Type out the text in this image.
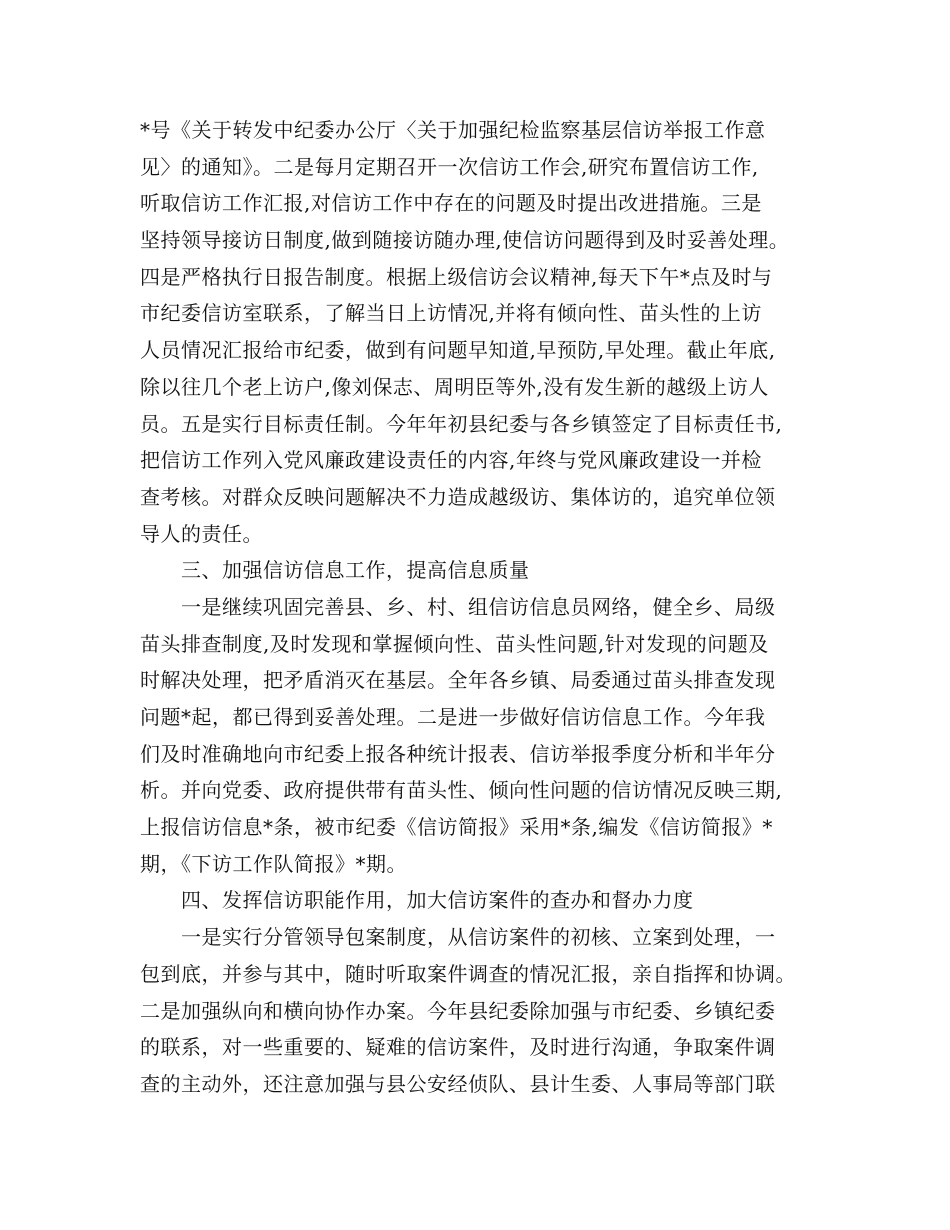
*号《关于转发中纪委办公厅〈关于加强纪检监察基层信访举报工作意
见〉的通知》。二是每月定期召开一次信访工作会,研究布置信访工作,
听取信访工作汇报,对信访工作中存在的问题及时提出改进措施。三是
坚持领导接访日制度,做到随接访随办理,使信访问题得到及时妥善处理。
四是严格执行日报告制度。根据上级信访会议精神,每天下午*点及时与
市纪委信访室联系，了解当日上访情况,并将有倾向性、苗头性的上访
人员情况汇报给市纪委，做到有问题早知道,早预防,早处理。截止年底,
除以往几个老上访户,像刘保志、周明臣等外,没有发生新的越级上访人
员。五是实行目标责任制。今年年初县纪委与各乡镇签定了目标责任书,
把信访工作列入党风廉政建设责任的内容,年终与党风廉政建设一并检
查考核。对群众反映问题解决不力造成越级访、集体访的，追究单位领
导人的责任。
　　三、加强信访信息工作，提高信息质量
　　一是继续巩固完善县、乡、村、组信访信息员网络，健全乡、局级
苗头排查制度,及时发现和掌握倾向性、苗头性问题,针对发现的问题及
时解决处理，把矛盾消灭在基层。全年各乡镇、局委通过苗头排查发现
问题*起，都已得到妥善处理。二是进一步做好信访信息工作。今年我
们及时准确地向市纪委上报各种统计报表、信访举报季度分析和半年分
析。并向党委、政府提供带有苗头性、倾向性问题的信访情况反映三期,
上报信访信息*条，被市纪委《信访简报》采用*条,编发《信访简报》*
期，《下访工作队简报》*期。
　　四、发挥信访职能作用，加大信访案件的查办和督办力度
　　一是实行分管领导包案制度，从信访案件的初核、立案到处理，一
包到底，并参与其中，随时听取案件调查的情况汇报，亲自指挥和协调。
二是加强纵向和横向协作办案。今年县纪委除加强与市纪委、乡镇纪委
的联系，对一些重要的、疑难的信访案件，及时进行沟通，争取案件调
查的主动外，还注意加强与县公安经侦队、县计生委、人事局等部门联
